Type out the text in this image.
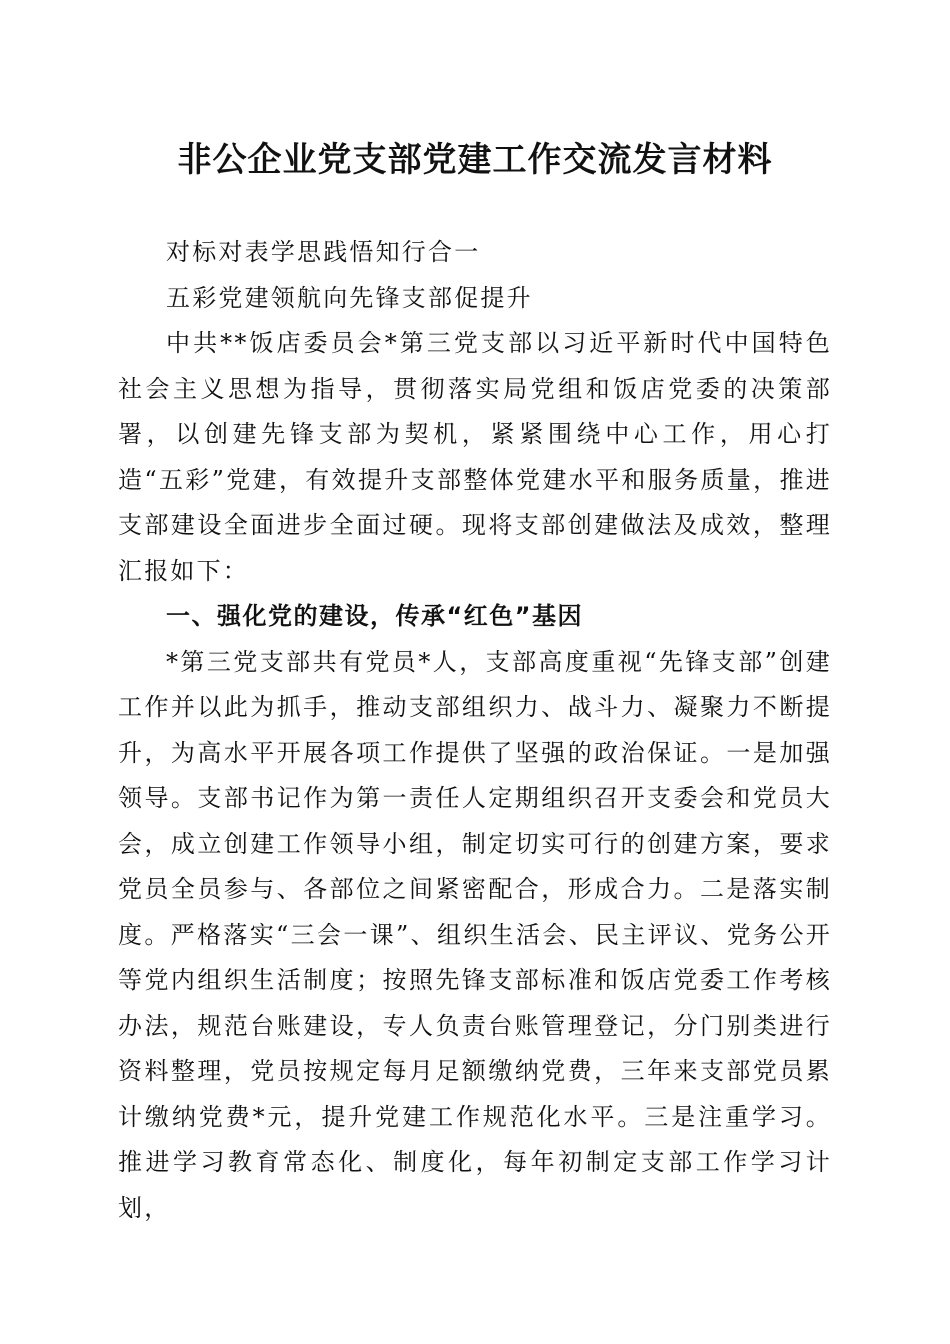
非公企业党支部党建工作交流发言材料

对标对表学思践悟知行合一

五彩党建领航向先锋支部促提升

中共**饭店委员会*第三党支部以习近平新时代中国特色社会主义思想为指导，贯彻落实局党组和饭店党委的决策部署，以创建先锋支部为契机，紧紧围绕中心工作，用心打造“五彩”党建，有效提升支部整体党建水平和服务质量，推进支部建设全面进步全面过硬。现将支部创建做法及成效，整理汇报如下：

一、强化党的建设，传承“红色”基因

*第三党支部共有党员*人，支部高度重视“先锋支部”创建工作并以此为抓手，推动支部组织力、战斗力、凝聚力不断提升，为高水平开展各项工作提供了坚强的政治保证。一是加强领导。支部书记作为第一责任人定期组织召开支委会和党员大会，成立创建工作领导小组，制定切实可行的创建方案，要求党员全员参与、各部位之间紧密配合，形成合力。二是落实制度。严格落实“三会一课”、组织生活会、民主评议、党务公开等党内组织生活制度；按照先锋支部标准和饭店党委工作考核办法，规范台账建设，专人负责台账管理登记，分门别类进行资料整理，党员按规定每月足额缴纳党费，三年来支部党员累计缴纳党费*元，提升党建工作规范化水平。三是注重学习。推进学习教育常态化、制度化，每年初制定支部工作学习计划，
